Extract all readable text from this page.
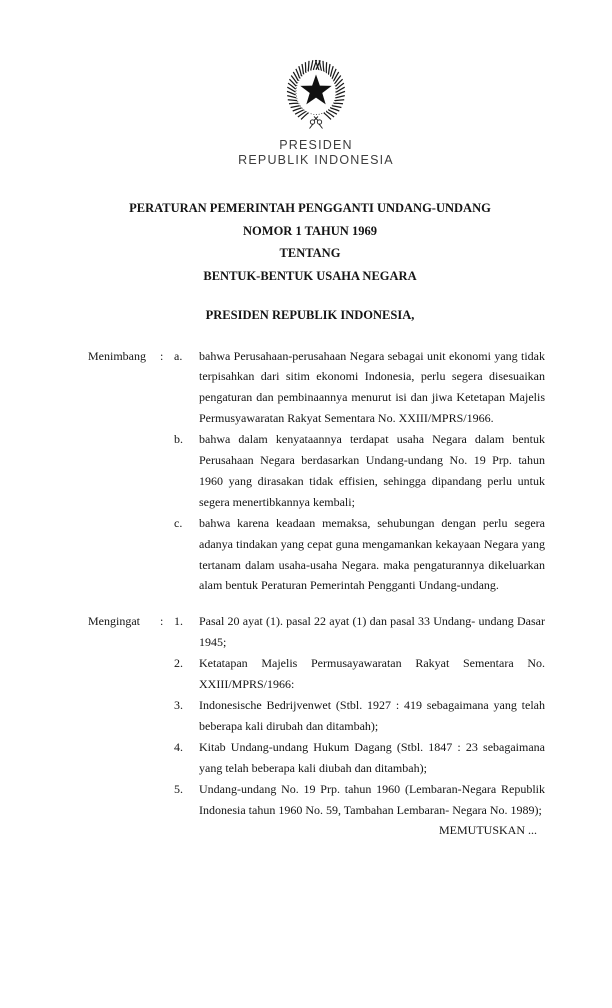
PRESIDEN
REPUBLIK INDONESIA
PERATURAN PEMERINTAH PENGGANTI UNDANG-UNDANG
NOMOR 1 TAHUN 1969
TENTANG
BENTUK-BENTUK USAHA NEGARA
PRESIDEN REPUBLIK INDONESIA,
Menimbang	: a.	bahwa Perusahaan-perusahaan Negara sebagai unit ekonomi yang tidak terpisahkan dari sitim ekonomi Indonesia, perlu segera disesuaikan pengaturan dan pembinaannya menurut isi dan jiwa Ketetapan Majelis Permusyawaratan Rakyat Sementara No. XXIII/MPRS/1966.
b.	bahwa dalam kenyataannya terdapat usaha Negara dalam bentuk Perusahaan Negara berdasarkan Undang-undang No. 19 Prp. tahun 1960 yang dirasakan tidak effisien, sehingga dipandang perlu untuk segera menertibkannya kembali;
c.	bahwa karena keadaan memaksa, sehubungan dengan perlu segera adanya tindakan yang cepat guna mengamankan kekayaan Negara yang tertanam dalam usaha-usaha Negara. maka pengaturannya dikeluarkan alam bentuk Peraturan Pemerintah Pengganti Undang-undang.
Mengingat	: 1.	Pasal 20 ayat (1). pasal 22 ayat (1) dan pasal 33 Undang- undang Dasar 1945;
2.	Ketatapan Majelis Permusayawaratan Rakyat Sementara No. XXIII/MPRS/1966:
3.	Indonesische Bedrijvenwet (Stbl. 1927 : 419 sebagaimana yang telah beberapa kali dirubah dan ditambah);
4.	Kitab Undang-undang Hukum Dagang (Stbl. 1847 : 23 sebagaimana yang telah beberapa kali diubah dan ditambah);
5.	Undang-undang No. 19 Prp. tahun 1960 (Lembaran-Negara Republik Indonesia tahun 1960 No. 59, Tambahan Lembaran- Negara No. 1989);
MEMUTUSKAN ...
